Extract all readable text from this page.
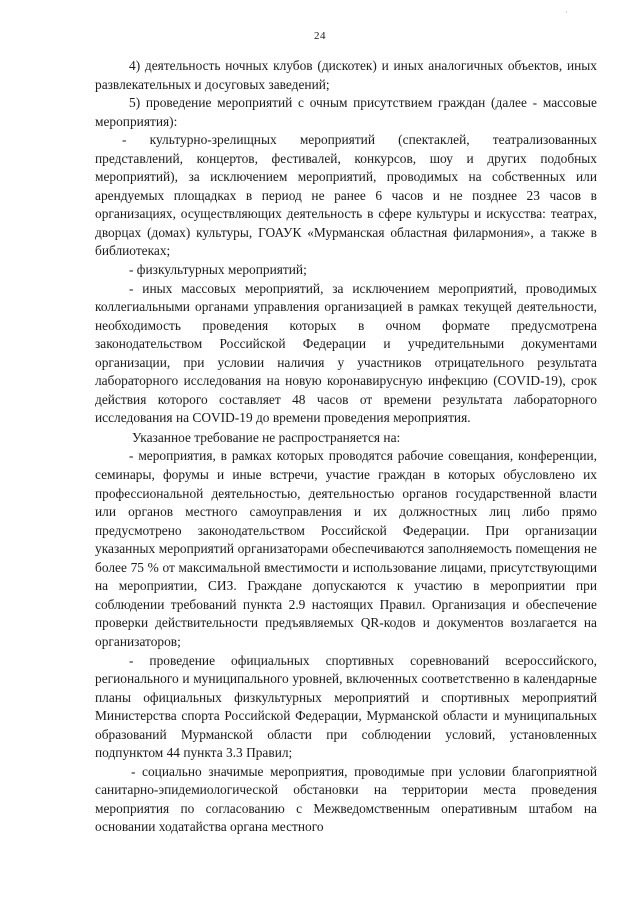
·
24

4) деятельность ночных клубов (дискотек) и иных аналогичных объектов, иных развлекательных и досуговых заведений;

5) проведение мероприятий с очным присутствием граждан (далее - массовые мероприятия):

- культурно-зрелищных мероприятий (спектаклей, театрализованных представлений, концертов, фестивалей, конкурсов, шоу и других подобных мероприятий), за исключением мероприятий, проводимых на собственных или арендуемых площадках в период не ранее 6 часов и не позднее 23 часов в организациях, осуществляющих деятельность в сфере культуры и искусства: театрах, дворцах (домах) культуры, ГОАУК «Мурманская областная филармония», а также в библиотеках;

- физкультурных мероприятий;

- иных массовых мероприятий, за исключением мероприятий, проводимых коллегиальными органами управления организацией в рамках текущей деятельности, необходимость проведения которых в очном формате предусмотрена законодательством Российской Федерации и учредительными документами организации, при условии наличия у участников отрицательного результата лабораторного исследования на новую коронавирусную инфекцию (COVID-19), срок действия которого составляет 48 часов от времени результата лабораторного исследования на COVID-19 до времени проведения мероприятия.

Указанное требование не распространяется на:

- мероприятия, в рамках которых проводятся рабочие совещания, конференции, семинары, форумы и иные встречи, участие граждан в которых обусловлено их профессиональной деятельностью, деятельностью органов государственной власти или органов местного самоуправления и их должностных лиц либо прямо предусмотрено законодательством Российской Федерации. При организации указанных мероприятий организаторами обеспечиваются заполняемость помещения не более 75 % от максимальной вместимости и использование лицами, присутствующими на мероприятии, СИЗ. Граждане допускаются к участию в мероприятии при соблюдении требований пункта 2.9 настоящих Правил. Организация и обеспечение проверки действительности предъявляемых QR-кодов и документов возлагается на организаторов;

- проведение официальных спортивных соревнований всероссийского, регионального и муниципального уровней, включенных соответственно в календарные планы официальных физкультурных мероприятий и спортивных мероприятий Министерства спорта Российской Федерации, Мурманской области и муниципальных образований Мурманской области при соблюдении условий, установленных подпунктом 44 пункта 3.3 Правил;

- социально значимые мероприятия, проводимые при условии благоприятной санитарно-эпидемиологической обстановки на территории места проведения мероприятия по согласованию с Межведомственным оперативным штабом на основании ходатайства органа местного
